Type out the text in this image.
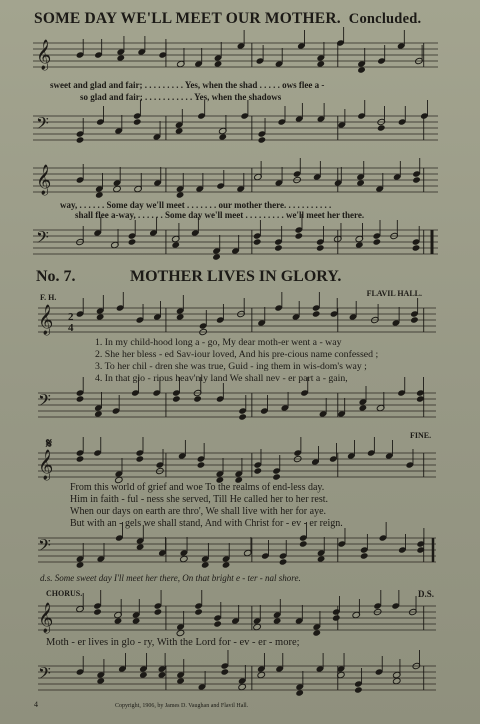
SOME DAY WE'LL MEET OUR MOTHER. Concluded.
𝄞
sweet and glad and fair; . . . . . . . . . Yes, when the shad . . . . . ows flee a -
so glad and fair; . . . . . . . . . . . Yes, when the shadows
𝄢
𝄞
way, . . . . . . Some day we'll meet . . . . . . . our mother there. . . . . . . . . . .
shall flee a-way, . . . . . . Some day we'll meet . . . . . . . . . we'll meet her there.
𝄢
No. 7.	MOTHER LIVES IN GLORY.
F. H.	FLAVIL HALL.
𝄞 2
4
1. In my child-hood long a - go, My dear moth-er went a - way
2. She her bless - ed Sav-iour loved, And his pre-cious name confessed ;
3. To her chil - dren she was true, Guid - ing them in wis-dom's way ;
4. In that glo - rious heav'nly land We shall nev - er part a - gain,
𝄢
𝄋
FINE.
𝄞
From this world of grief and woe To the realms of end-less day.
Him in faith - ful - ness she served, Till He called her to her rest.
When our days on earth are thro', We shall live with her for aye.
But with an - gels we shall stand, And with Christ for - ev - er reign.
𝄢
d.s. Some sweet day I'll meet her there, On that bright e - ter - nal shore.
CHORUS.	D.S.
𝄞
Moth - er lives in glo - ry, With the Lord for - ev - er - more;
𝄢
4	Copyright, 1906, by James D. Vaughan and Flavil Hall.
